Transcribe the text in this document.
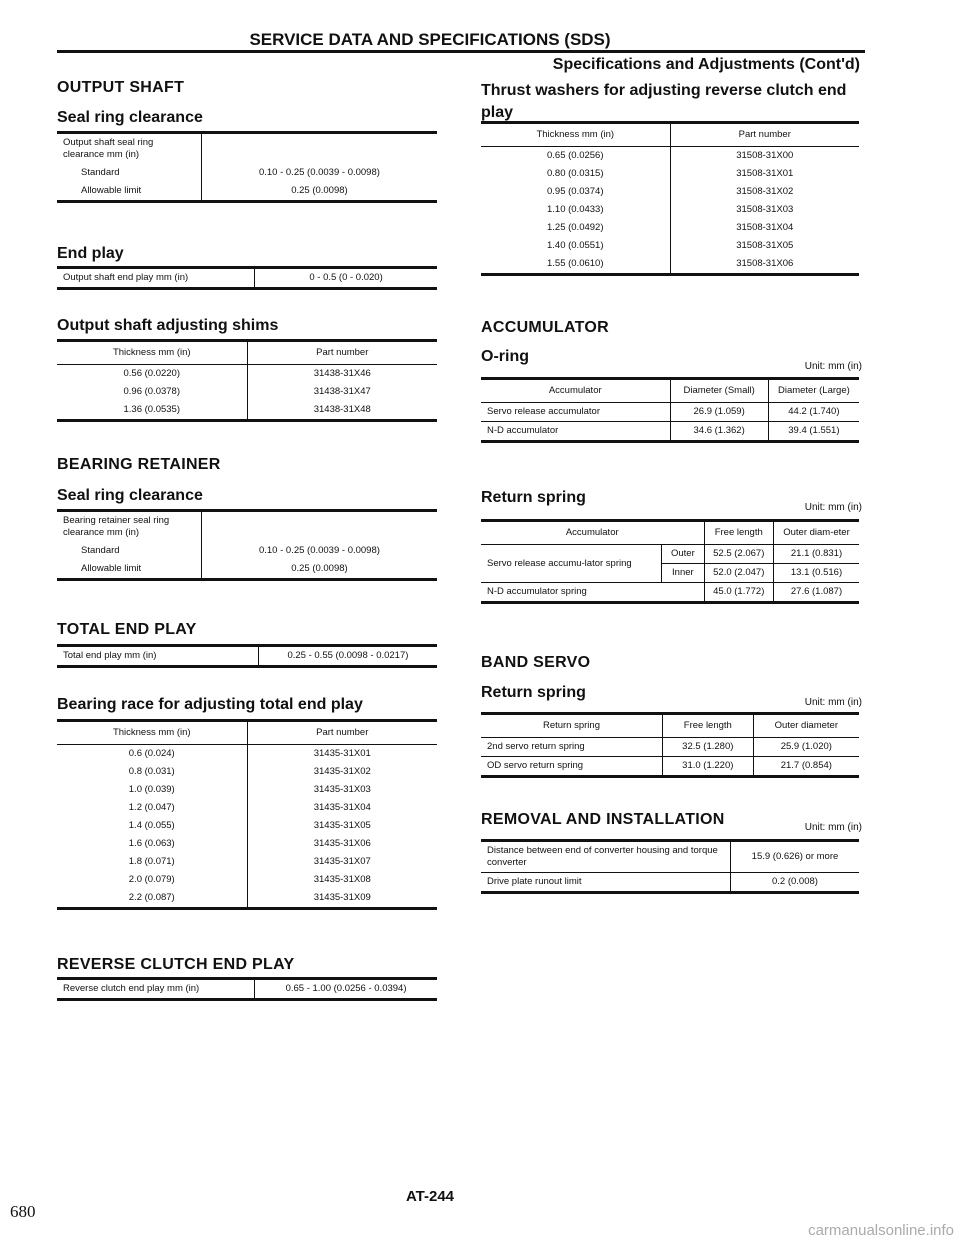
SERVICE DATA AND SPECIFICATIONS (SDS)
Specifications and Adjustments (Cont'd)
OUTPUT SHAFT
Seal ring clearance
Output shaft seal ring clearance mm (in)	
Standard	0.10 - 0.25 (0.0039 - 0.0098)
Allowable limit	0.25 (0.0098)
End play
Output shaft end play mm (in)	0 - 0.5 (0 - 0.020)
Output shaft adjusting shims
Thickness mm (in)	Part number
0.56 (0.0220)	31438-31X46
0.96 (0.0378)	31438-31X47
1.36 (0.0535)	31438-31X48
BEARING RETAINER
Seal ring clearance
Bearing retainer seal ring clearance mm (in)	
Standard	0.10 - 0.25 (0.0039 - 0.0098)
Allowable limit	0.25 (0.0098)
TOTAL END PLAY
Total end play mm (in)	0.25 - 0.55 (0.0098 - 0.0217)
Bearing race for adjusting total end play
Thickness mm (in)	Part number
0.6 (0.024)	31435-31X01
0.8 (0.031)	31435-31X02
1.0 (0.039)	31435-31X03
1.2 (0.047)	31435-31X04
1.4 (0.055)	31435-31X05
1.6 (0.063)	31435-31X06
1.8 (0.071)	31435-31X07
2.0 (0.079)	31435-31X08
2.2 (0.087)	31435-31X09
REVERSE CLUTCH END PLAY
Reverse clutch end play mm (in)	0.65 - 1.00 (0.0256 - 0.0394)
Thrust washers for adjusting reverse clutch end play
Thickness mm (in)	Part number
0.65 (0.0256)	31508-31X00
0.80 (0.0315)	31508-31X01
0.95 (0.0374)	31508-31X02
1.10 (0.0433)	31508-31X03
1.25 (0.0492)	31508-31X04
1.40 (0.0551)	31508-31X05
1.55 (0.0610)	31508-31X06
ACCUMULATOR
O-ring
Unit: mm (in)
Accumulator	Diameter (Small)	Diameter (Large)
Servo release accumulator	26.9 (1.059)	44.2 (1.740)
N-D accumulator	34.6 (1.362)	39.4 (1.551)
Return spring
Unit: mm (in)
Accumulator		Free length	Outer diam-eter
Servo release accumu-lator spring	Outer	52.5 (2.067)	21.1 (0.831)
	Inner	52.0 (2.047)	13.1 (0.516)
N-D accumulator spring		45.0 (1.772)	27.6 (1.087)
BAND SERVO
Return spring
Unit: mm (in)
Return spring	Free length	Outer diameter
2nd servo return spring	32.5 (1.280)	25.9 (1.020)
OD servo return spring	31.0 (1.220)	21.7 (0.854)
REMOVAL AND INSTALLATION	Unit: mm (in)
Distance between end of converter housing and torque converter	15.9 (0.626) or more
Drive plate runout limit	0.2 (0.008)
AT-244
680
carmanualsonline.info
